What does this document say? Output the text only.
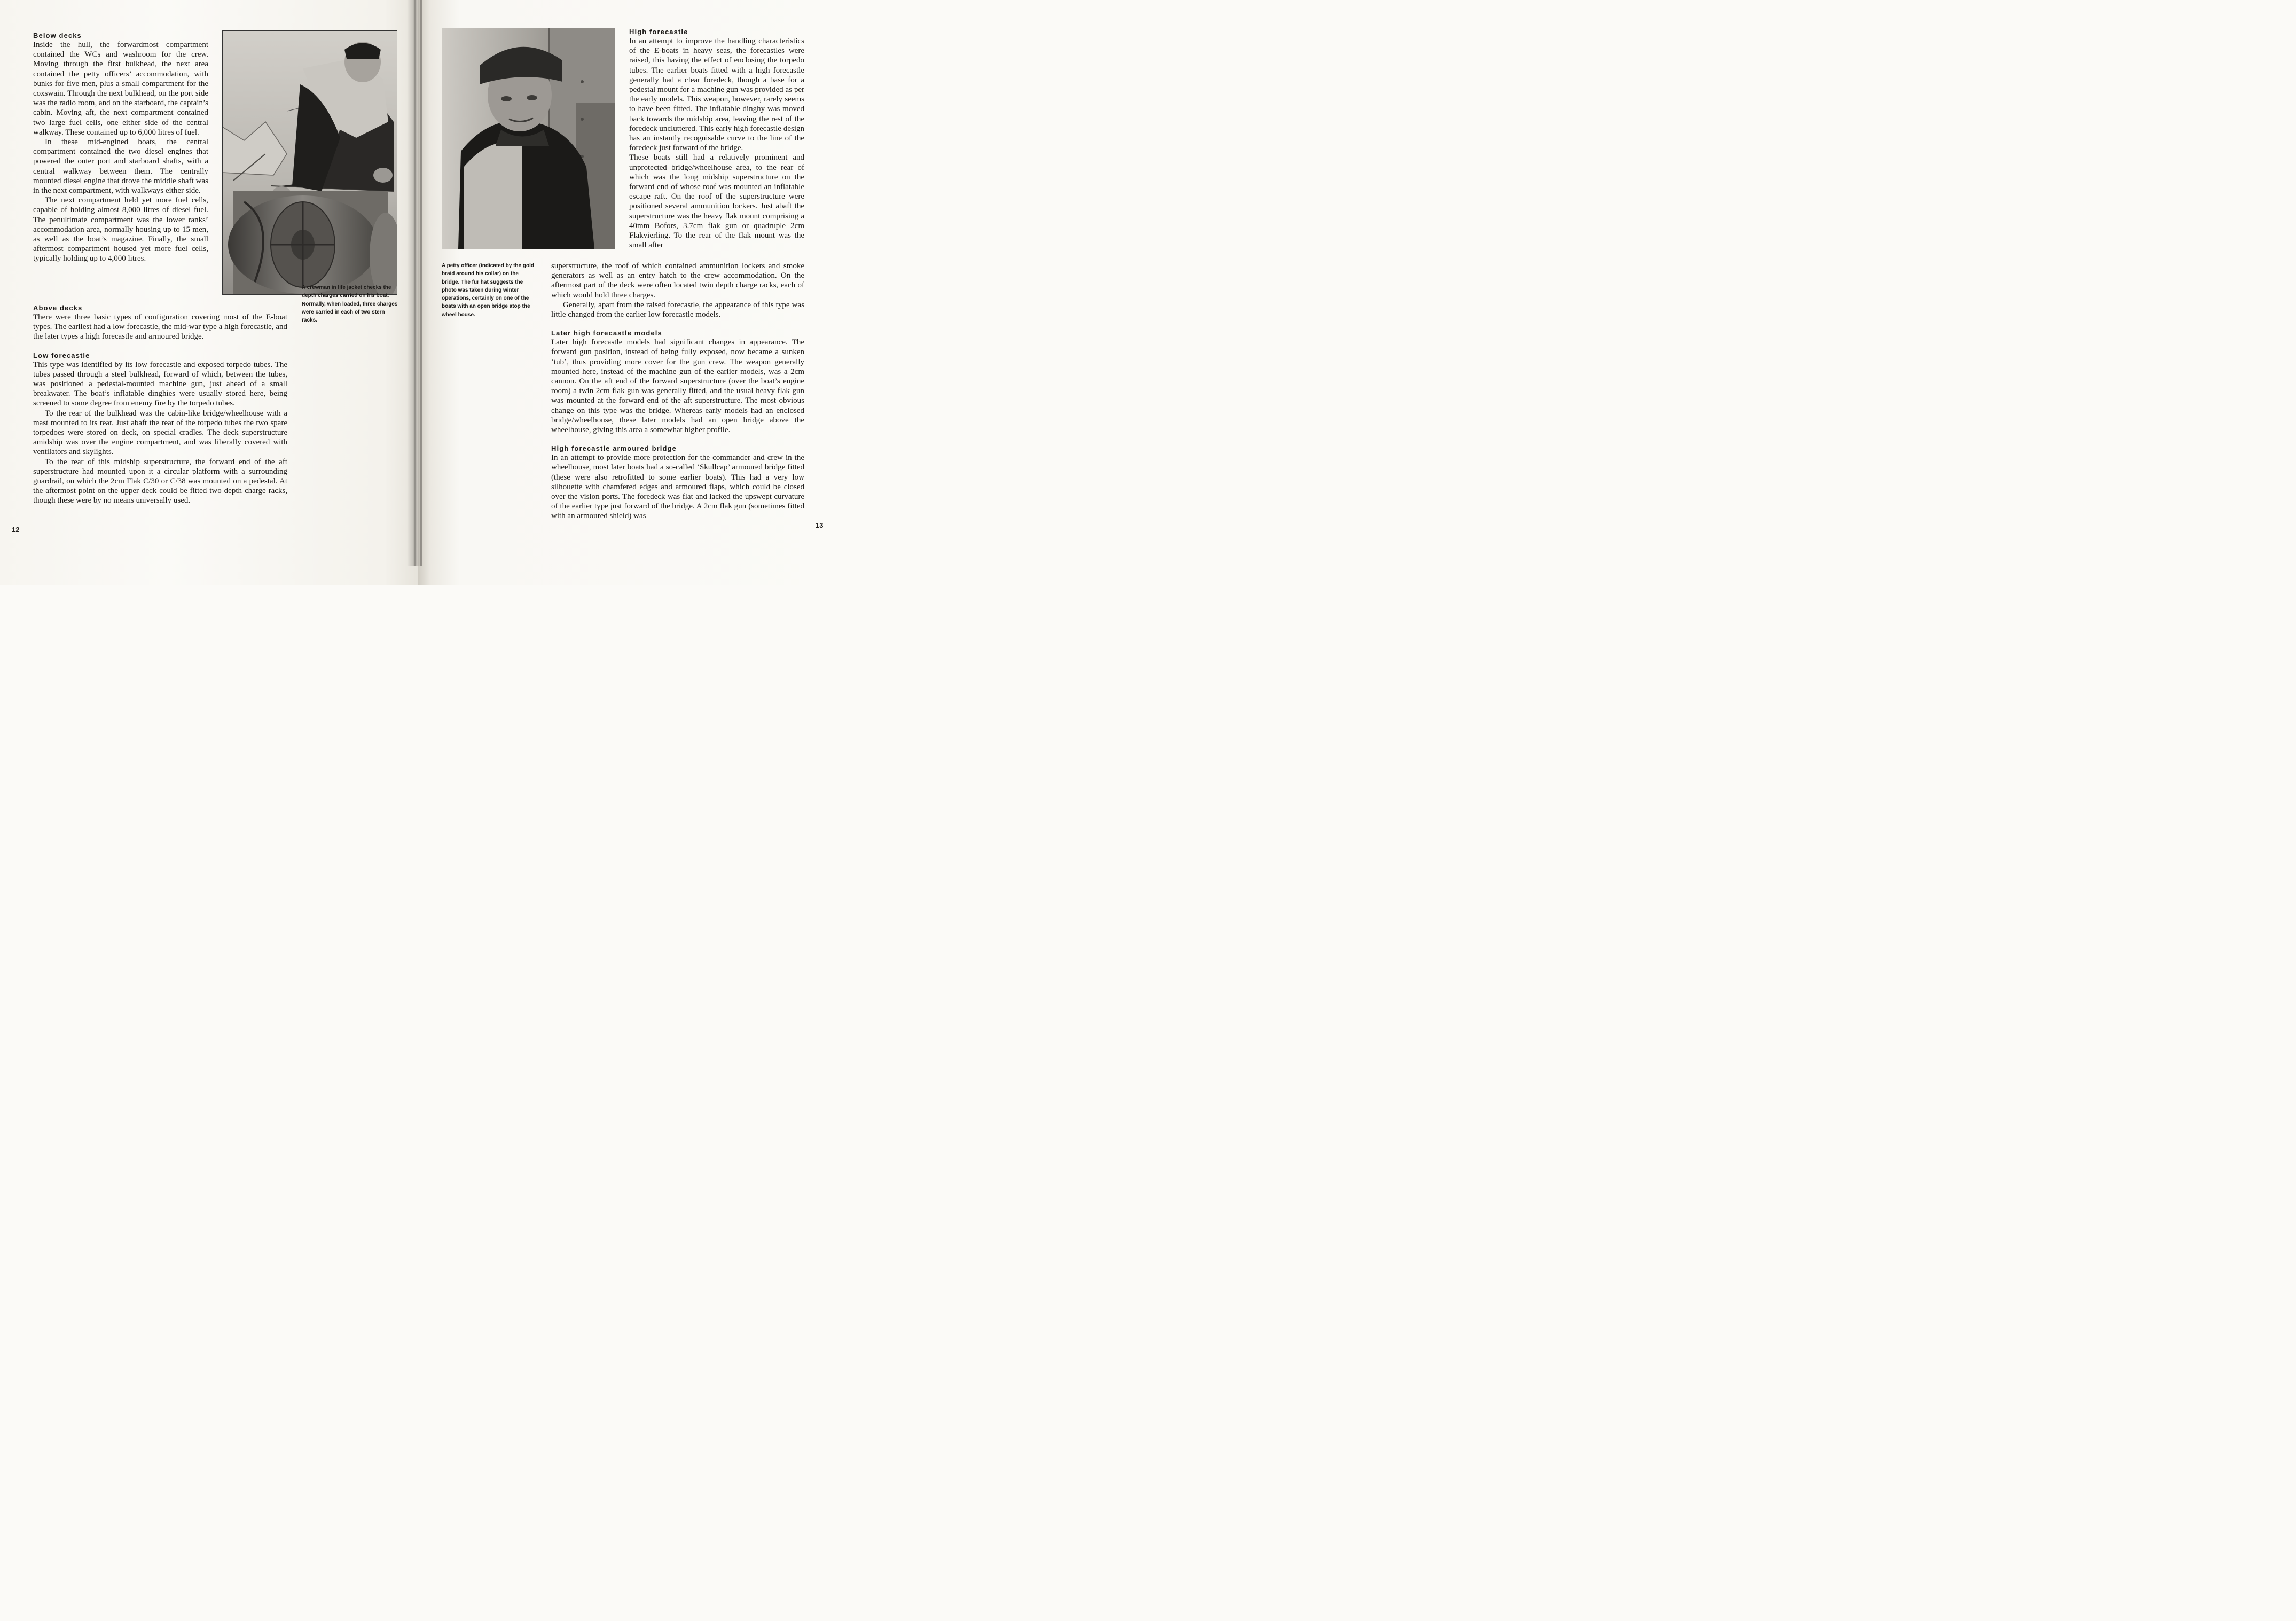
Below decks

Inside the hull, the forwardmost compartment contained the WCs and washroom for the crew. Moving through the first bulkhead, the next area contained the petty officers’ accommodation, with bunks for five men, plus a small compartment for the coxswain. Through the next bulkhead, on the port side was the radio room, and on the starboard, the captain’s cabin. Moving aft, the next compartment contained two large fuel cells, one either side of the central walkway. These contained up to 6,000 litres of fuel.

In these mid-engined boats, the central compartment contained the two diesel engines that powered the outer port and starboard shafts, with a central walkway between them. The centrally mounted diesel engine that drove the middle shaft was in the next compartment, with walkways either side.

The next compartment held yet more fuel cells, capable of holding almost 8,000 litres of diesel fuel. The penultimate compartment was the lower ranks’ accommodation area, normally housing up to 15 men, as well as the boat’s magazine. Finally, the small aftermost compartment housed yet more fuel cells, typically holding up to 4,000 litres.

A crewman in life jacket checks the depth charges carried on his boat. Normally, when loaded, three charges were carried in each of two stern racks.
Above decks

There were three basic types of configuration covering most of the E-boat types. The earliest had a low forecastle, the mid-war type a high forecastle, and the later types a high forecastle and armoured bridge.

Low forecastle

This type was identified by its low forecastle and exposed torpedo tubes. The tubes passed through a steel bulkhead, forward of which, between the tubes, was positioned a pedestal-mounted machine gun, just ahead of a small breakwater. The boat’s inflatable dinghies were usually stored here, being screened to some degree from enemy fire by the torpedo tubes.

To the rear of the bulkhead was the cabin-like bridge/wheelhouse with a mast mounted to its rear. Just abaft the rear of the torpedo tubes the two spare torpedoes were stored on deck, on special cradles. The deck superstructure amidship was over the engine compartment, and was liberally covered with ventilators and skylights.

To the rear of this midship superstructure, the forward end of the aft superstructure had mounted upon it a circular platform with a surrounding guardrail, on which the 2cm Flak C/30 or C/38 was mounted on a pedestal. At the aftermost point on the upper deck could be fitted two depth charge racks, though these were by no means universally used.

12
A petty officer (indicated by the gold braid around his collar) on the bridge. The fur hat suggests the photo was taken during winter operations, certainly on one of the boats with an open bridge atop the wheel house.
High forecastle

In an attempt to improve the handling characteristics of the E-boats in heavy seas, the forecastles were raised, this having the effect of enclosing the torpedo tubes. The earlier boats fitted with a high forecastle generally had a clear foredeck, though a base for a pedestal mount for a machine gun was provided as per the early models. This weapon, however, rarely seems to have been fitted. The inflatable dinghy was moved back towards the midship area, leaving the rest of the foredeck uncluttered. This early high forecastle design has an instantly recognisable curve to the line of the foredeck just forward of the bridge.

These boats still had a relatively prominent and unprotected bridge/wheelhouse area, to the rear of which was the long midship superstructure on the forward end of whose roof was mounted an inflatable escape raft. On the roof of the superstructure were positioned several ammunition lockers. Just abaft the superstructure was the heavy flak mount comprising a 40mm Bofors, 3.7cm flak gun or quadruple 2cm Flakvierling. To the rear of the flak mount was the small after

superstructure, the roof of which contained ammunition lockers and smoke generators as well as an entry hatch to the crew accommodation. On the aftermost part of the deck were often located twin depth charge racks, each of which would hold three charges.

Generally, apart from the raised forecastle, the appearance of this type was little changed from the earlier low forecastle models.

Later high forecastle models

Later high forecastle models had significant changes in appearance. The forward gun position, instead of being fully exposed, now became a sunken ‘tub’, thus providing more cover for the gun crew. The weapon generally mounted here, instead of the machine gun of the earlier models, was a 2cm cannon. On the aft end of the forward superstructure (over the boat’s engine room) a twin 2cm flak gun was generally fitted, and the usual heavy flak gun was mounted at the forward end of the aft superstructure. The most obvious change on this type was the bridge. Whereas early models had an enclosed bridge/wheelhouse, these later models had an open bridge above the wheelhouse, giving this area a somewhat higher profile.

High forecastle armoured bridge

In an attempt to provide more protection for the commander and crew in the wheelhouse, most later boats had a so-called ‘Skullcap’ armoured bridge fitted (these were also retrofitted to some earlier boats). This had a very low silhouette with chamfered edges and armoured flaps, which could be closed over the vision ports. The foredeck was flat and lacked the upswept curvature of the earlier type just forward of the bridge. A 2cm flak gun (sometimes fitted with an armoured shield) was

13
